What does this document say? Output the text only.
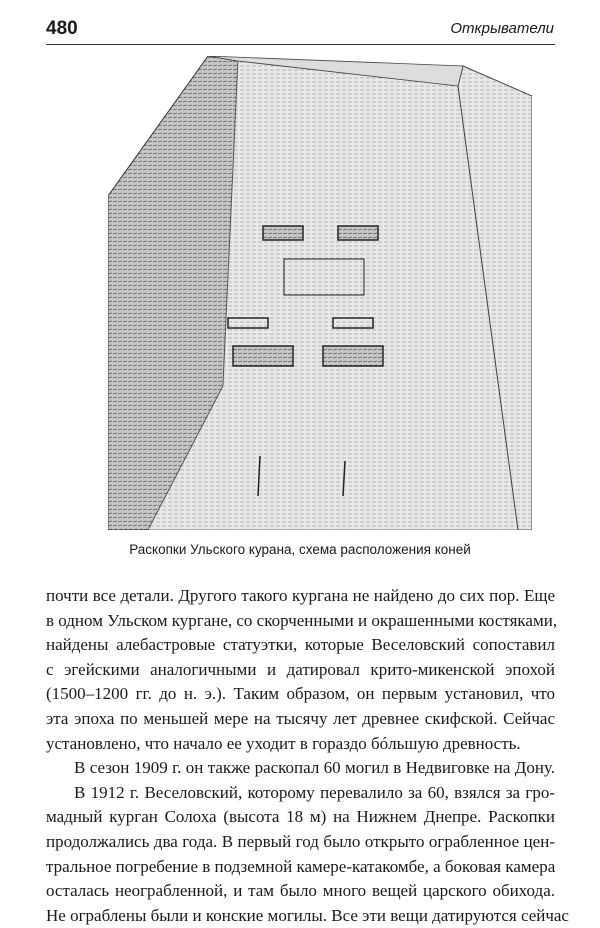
480	Открыватели
Раскопки Ульского курана, схема расположения коней
почти все детали. Другого такого кургана не найдено до сих пор. Еще
в одном Ульском кургане, со скорченными и окрашенными костяками,
найдены алебастровые статуэтки, которые Веселовский сопоставил
с эгейскими аналогичными и датировал крито-микенской эпохой
(1500–1200 гг. до н. э.). Таким образом, он первым установил, что
эта эпоха по меньшей мере на тысячу лет древнее скифской. Сейчас
установлено, что начало ее уходит в гораздо бóльшую древность.
В сезон 1909 г. он также раскопал 60 могил в Недвиговке на Дону.
В 1912 г. Веселовский, которому перевалило за 60, взялся за гро-
мадный курган Солоха (высота 18 м) на Нижнем Днепре. Раскопки
продолжались два года. В первый год было открыто ограбленное цен-
тральное погребение в подземной камере-катакомбе, а боковая камера
осталась неограбленной, и там было много вещей царского обихода.
Не ограблены были и конские могилы. Все эти вещи датируются сейчас
